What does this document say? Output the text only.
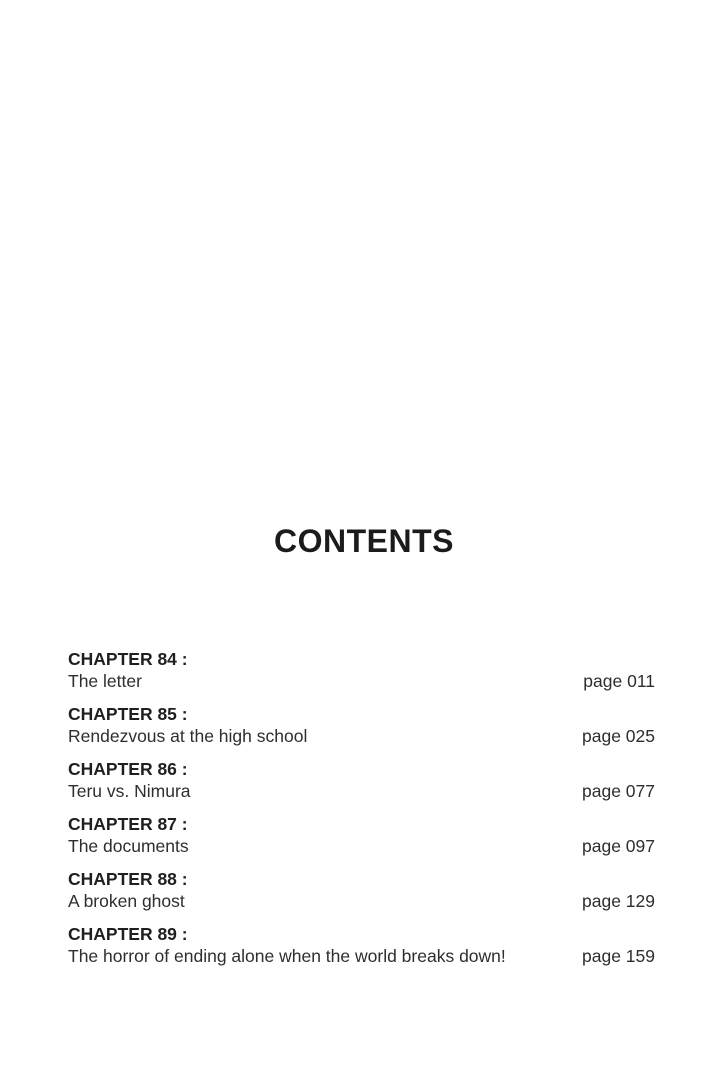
CONTENTS
CHAPTER 84 :
The letter	page 011
CHAPTER 85 :
Rendezvous at the high school	page 025
CHAPTER 86 :
Teru vs. Nimura	page 077
CHAPTER 87 :
The documents	page 097
CHAPTER 88 :
A broken ghost	page 129
CHAPTER 89 :
The horror of ending alone when the world breaks down!	page 159
